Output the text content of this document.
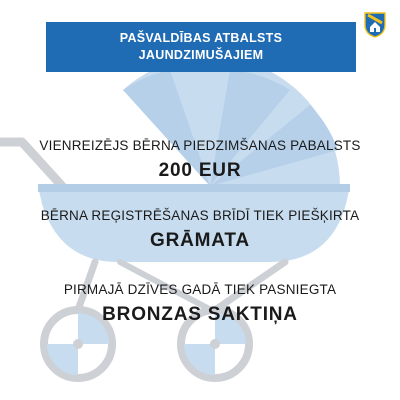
PAŠVALDĪBAS ATBALSTS
JAUNDZIMUŠAJIEM
VIENREIZĒJS BĒRNA PIEDZIMŠANAS PABALSTS
200 EUR
BĒRNA REĢISTRĒŠANAS BRĪDĪ TIEK PIEŠĶIRTA
GRĀMATA
PIRMAJĀ DZĪVES GADĀ TIEK PASNIEGTA
BRONZAS SAKTIŅA
